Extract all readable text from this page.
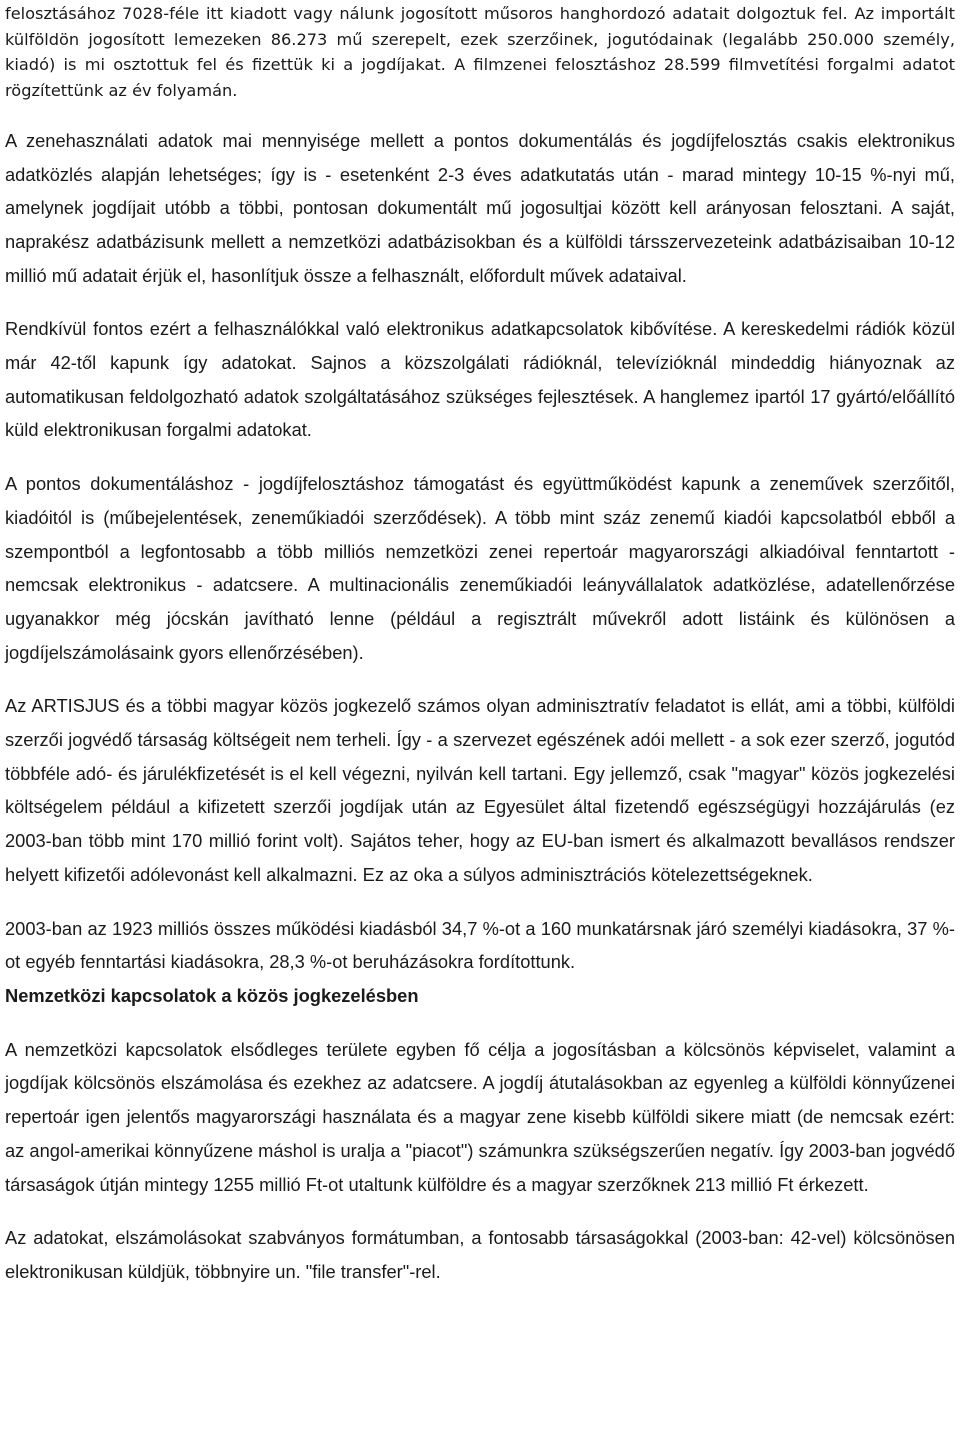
felosztásához 7028-féle itt kiadott vagy nálunk jogosított műsoros hanghordozó adatait dolgoztuk fel. Az importált külföldön jogosított lemezeken 86.273 mű szerepelt, ezek szerzőinek, jogutódainak (legalább 250.000 személy, kiadó) is mi osztottuk fel és fizettük ki a jogdíjakat. A filmzenei felosztáshoz 28.599 filmvetítési forgalmi adatot rögzítettünk az év folyamán.

A zenehasználati adatok mai mennyisége mellett a pontos dokumentálás és jogdíjfelosztás csakis elektronikus adatközlés alapján lehetséges; így is - esetenként 2-3 éves adatkutatás után - marad mintegy 10-15 %-nyi mű, amelynek jogdíjait utóbb a többi, pontosan dokumentált mű jogosultjai között kell arányosan felosztani. A saját, naprakész adatbázisunk mellett a nemzetközi adatbázisokban és a külföldi társszervezeteink adatbázisaiban 10-12 millió mű adatait érjük el, hasonlítjuk össze a felhasznált, előfordult művek adataival.

Rendkívül fontos ezért a felhasználókkal való elektronikus adatkapcsolatok kibővítése. A kereskedelmi rádiók közül már 42-től kapunk így adatokat. Sajnos a közszolgálati rádióknál, televízióknál mindeddig hiányoznak az automatikusan feldolgozható adatok szolgáltatásához szükséges fejlesztések. A hanglemez ipartól 17 gyártó/előállító küld elektronikusan forgalmi adatokat.

A pontos dokumentáláshoz - jogdíjfelosztáshoz támogatást és együttműködést kapunk a zeneművek szerzőitől, kiadóitól is (műbejelentések, zeneműkiadói szerződések). A több mint száz zenemű kiadói kapcsolatból ebből a szempontból a legfontosabb a több milliós nemzetközi zenei repertoár magyarországi alkiadóival fenntartott - nemcsak elektronikus - adatcsere. A multinacionális zeneműkiadói leányvállalatok adatközlése, adatellenőrzése ugyanakkor még jócskán javítható lenne (például a regisztrált művekről adott listáink és különösen a jogdíjelszámolásaink gyors ellenőrzésében).

Az ARTISJUS és a többi magyar közös jogkezelő számos olyan adminisztratív feladatot is ellát, ami a többi, külföldi szerzői jogvédő társaság költségeit nem terheli. Így - a szervezet egészének adói mellett - a sok ezer szerző, jogutód többféle adó- és járulékfizetését is el kell végezni, nyilván kell tartani. Egy jellemző, csak "magyar" közös jogkezelési költségelem például a kifizetett szerzői jogdíjak után az Egyesület által fizetendő egészségügyi hozzájárulás (ez 2003-ban több mint 170 millió forint volt). Sajátos teher, hogy az EU-ban ismert és alkalmazott bevallásos rendszer helyett kifizetői adólevonást kell alkalmazni. Ez az oka a súlyos adminisztrációs kötelezettségeknek.

2003-ban az 1923 milliós összes működési kiadásból 34,7 %-ot a 160 munkatársnak járó személyi kiadásokra, 37 %-ot egyéb fenntartási kiadásokra, 28,3 %-ot beruházásokra fordítottunk.

Nemzetközi kapcsolatok a közös jogkezelésben

A nemzetközi kapcsolatok elsődleges területe egyben fő célja a jogosításban a kölcsönös képviselet, valamint a jogdíjak kölcsönös elszámolása és ezekhez az adatcsere. A jogdíj átutalásokban az egyenleg a külföldi könnyűzenei repertoár igen jelentős magyarországi használata és a magyar zene kisebb külföldi sikere miatt (de nemcsak ezért: az angol-amerikai könnyűzene máshol is uralja a "piacot") számunkra szükségszerűen negatív. Így 2003-ban jogvédő társaságok útján mintegy 1255 millió Ft-ot utaltunk külföldre és a magyar szerzőknek 213 millió Ft érkezett.

Az adatokat, elszámolásokat szabványos formátumban, a fontosabb társaságokkal (2003-ban: 42-vel) kölcsönösen elektronikusan küldjük, többnyire un. "file transfer"-rel.
